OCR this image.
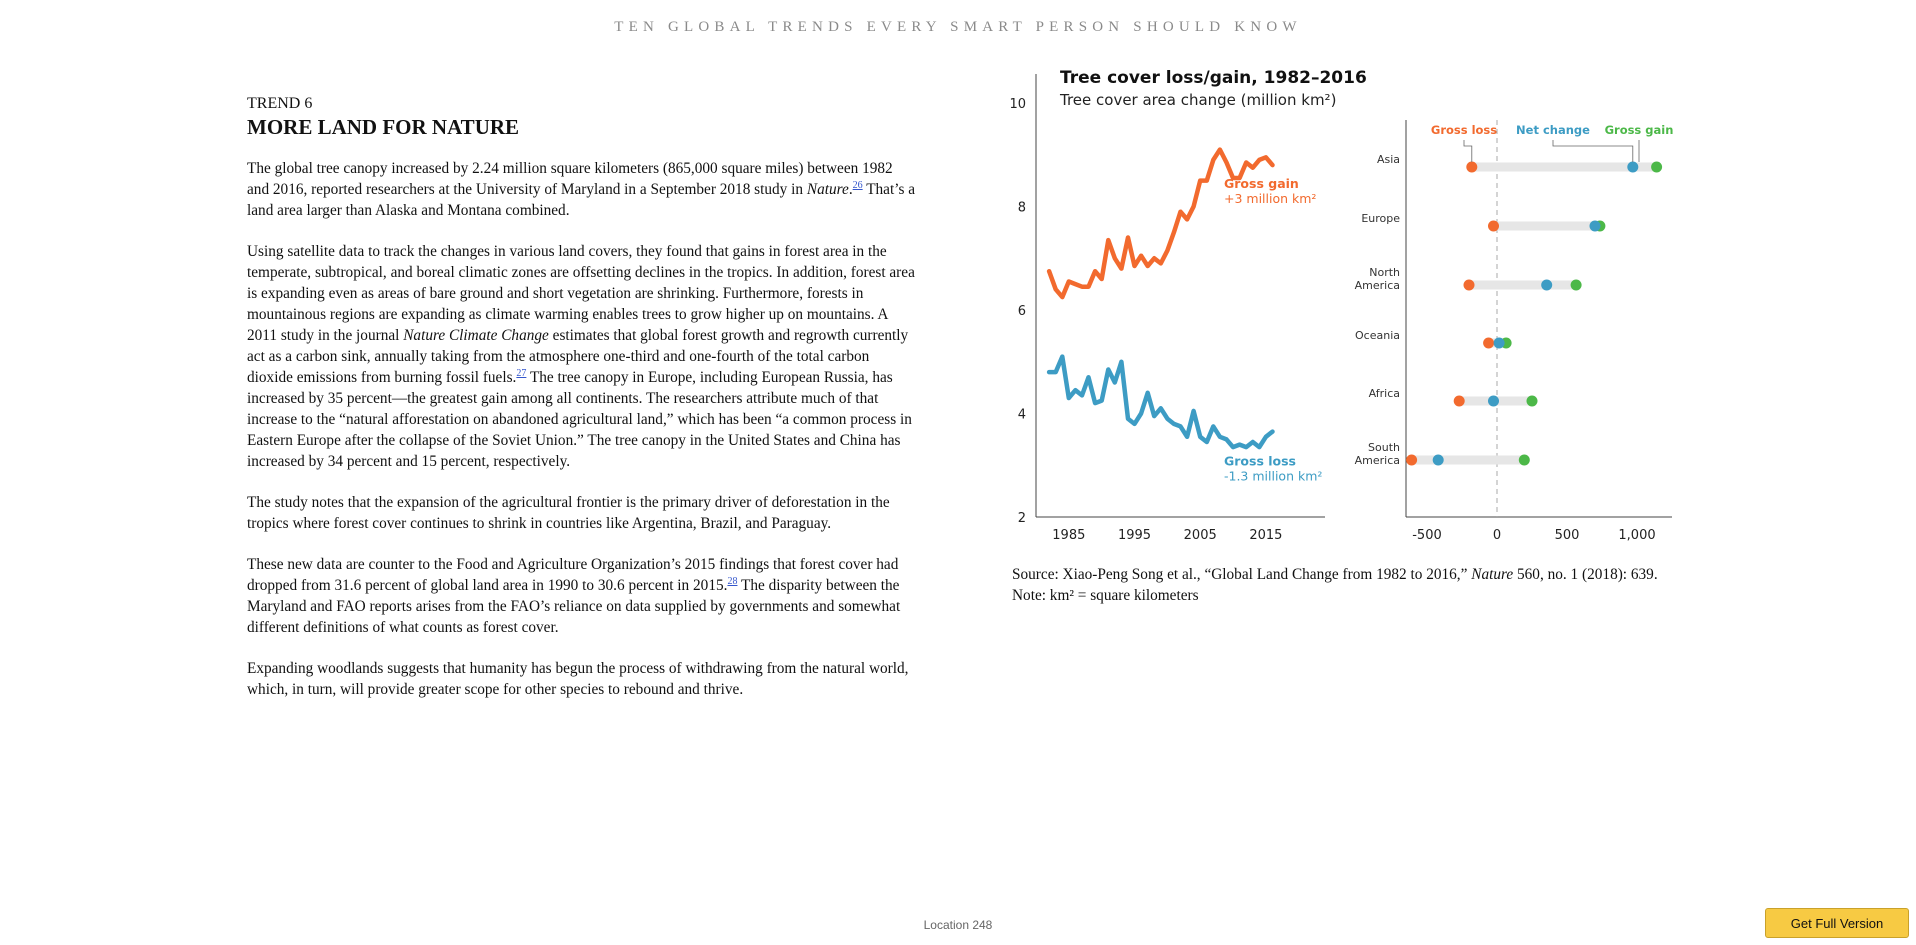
TEN GLOBAL TRENDS EVERY SMART PERSON SHOULD KNOW

TREND 6

MORE LAND FOR NATURE

The global tree canopy increased by 2.24 million square kilometers (865,000 square miles) between 1982 and 2016, reported researchers at the University of Maryland in a September 2018 study in Nature.$^{26}$ That’s a land area larger than Alaska and Montana combined.

Using satellite data to track the changes in various land covers, they found that gains in forest area in the temperate, subtropical, and boreal climatic zones are offsetting declines in the tropics. In addition, forest area is expanding even as areas of bare ground and short vegetation are shrinking. Furthermore, forests in mountainous regions are expanding as climate warming enables trees to grow higher up on mountains. A 2011 study in the journal Nature Climate Change estimates that global forest growth and regrowth currently act as a carbon sink, annually taking from the atmosphere one-third and one-fourth of the total carbon dioxide emissions from burning fossil fuels.$^{27}$ The tree canopy in Europe, including European Russia, has increased by 35 percent—the greatest gain among all continents. The researchers attribute much of that increase to the “natural afforestation on abandoned agricultural land,” which has been “a common process in Eastern Europe after the collapse of the Soviet Union.” The tree canopy in the United States and China has increased by 34 percent and 15 percent, respectively.

The study notes that the expansion of the agricultural frontier is the primary driver of deforestation in the tropics where forest cover continues to shrink in countries like Argentina, Brazil, and Paraguay.

These new data are counter to the Food and Agriculture Organization’s 2015 findings that forest cover had dropped from 31.6 percent of global land area in 1990 to 30.6 percent in 2015.28 The disparity between the Maryland and FAO reports arises from the FAO’s reliance on data supplied by governments and somewhat different definitions of what counts as forest cover.

Expanding woodlands suggests that humanity has begun the process of withdrawing from the natural world, which, in turn, will provide greater scope for other species to rebound and thrive.

Tree cover loss/gain, 1982–2016
Tree cover area change (million km²)
2
4
6
8
10
1985	1995	2005	2015
Gross gain
+3 million km²
Gross loss
-1.3 million km²
-500	0	500	1,000
Asia
Europe
North
America
Oceania
Africa
South
America
Gross loss Net change Gross gain
Source: Xiao-Peng Song et al., “Global Land Change from 1982 to 2016,” Nature 560, no. 1 (2018): 639. Note: km² = square kilometers
Location 248	Get Full Version
